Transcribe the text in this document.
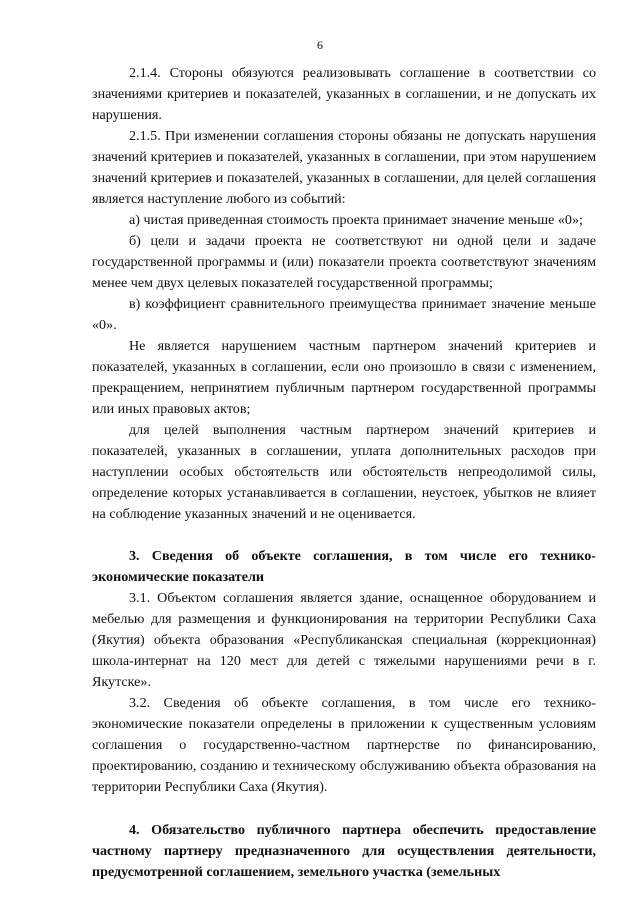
6

2.1.4. Стороны обязуются реализовывать соглашение в соответствии со значениями критериев и показателей, указанных в соглашении, и не допускать их нарушения.

2.1.5. При изменении соглашения стороны обязаны не допускать нарушения значений критериев и показателей, указанных в соглашении, при этом нарушением значений критериев и показателей, указанных в соглашении, для целей соглашения является наступление любого из событий:

а) чистая приведенная стоимость проекта принимает значение меньше «0»;

б) цели и задачи проекта не соответствуют ни одной цели и задаче государственной программы и (или) показатели проекта соответствуют значениям менее чем двух целевых показателей государственной программы;

в) коэффициент сравнительного преимущества принимает значение меньше «0».

Не является нарушением частным партнером значений критериев и показателей, указанных в соглашении, если оно произошло в связи с изменением, прекращением, непринятием публичным партнером государственной программы или иных правовых актов;

для целей выполнения частным партнером значений критериев и показателей, указанных в соглашении, уплата дополнительных расходов при наступлении особых обстоятельств или обстоятельств непреодолимой силы, определение которых устанавливается в соглашении, неустоек, убытков не влияет на соблюдение указанных значений и не оценивается.

3. Сведения об объекте соглашения, в том числе его технико-экономические показатели

3.1. Объектом соглашения является здание, оснащенное оборудованием и мебелью для размещения и функционирования на территории Республики Саха (Якутия) объекта образования «Республиканская специальная (коррекционная) школа-интернат на 120 мест для детей с тяжелыми нарушениями речи в г. Якутске».

3.2. Сведения об объекте соглашения, в том числе его технико-экономические показатели определены в приложении к существенным условиям соглашения о государственно-частном партнерстве по финансированию, проектированию, созданию и техническому обслуживанию объекта образования на территории Республики Саха (Якутия).

4. Обязательство публичного партнера обеспечить предоставление частному партнеру предназначенного для осуществления деятельности, предусмотренной соглашением, земельного участка (земельных
